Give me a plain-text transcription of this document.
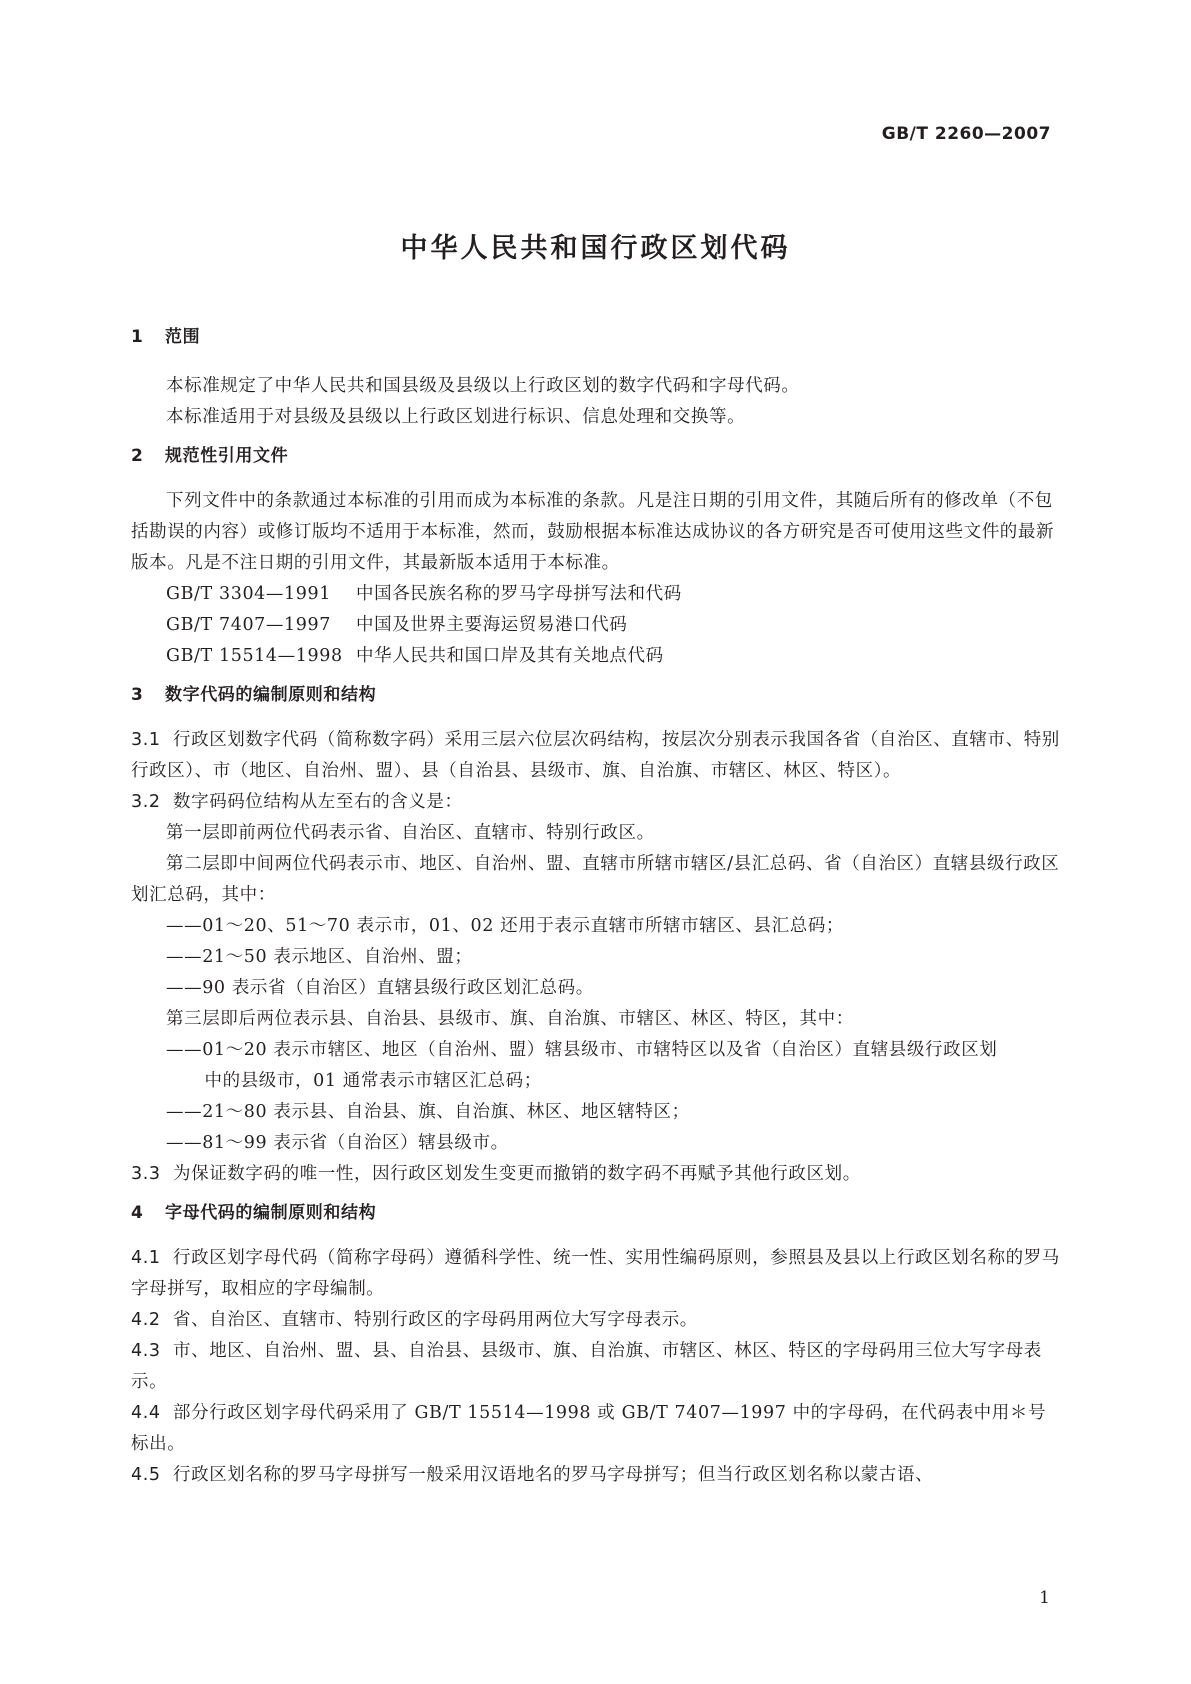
GB/T 2260—2007
中华人民共和国行政区划代码
1 范围

本标准规定了中华人民共和国县级及县级以上行政区划的数字代码和字母代码。

本标准适用于对县级及县级以上行政区划进行标识、信息处理和交换等。

2 规范性引用文件

下列文件中的条款通过本标准的引用而成为本标准的条款。凡是注日期的引用文件，其随后所有的修改单（不包括勘误的内容）或修订版均不适用于本标准，然而，鼓励根据本标准达成协议的各方研究是否可使用这些文件的最新版本。凡是不注日期的引用文件，其最新版本适用于本标准。

GB/T 3304—1991 中国各民族名称的罗马字母拼写法和代码

GB/T 7407—1997 中国及世界主要海运贸易港口代码

GB/T 15514—1998 中华人民共和国口岸及其有关地点代码

3 数字代码的编制原则和结构

3.1 行政区划数字代码（简称数字码）采用三层六位层次码结构，按层次分别表示我国各省（自治区、直辖市、特别行政区）、市（地区、自治州、盟）、县（自治县、县级市、旗、自治旗、市辖区、林区、特区）。

3.2 数字码码位结构从左至右的含义是：

第一层即前两位代码表示省、自治区、直辖市、特别行政区。

第二层即中间两位代码表示市、地区、自治州、盟、直辖市所辖市辖区/县汇总码、省（自治区）直辖县级行政区划汇总码，其中：

——01～20、51～70 表示市，01、02 还用于表示直辖市所辖市辖区、县汇总码；

——21～50 表示地区、自治州、盟；

——90 表示省（自治区）直辖县级行政区划汇总码。

第三层即后两位表示县、自治县、县级市、旗、自治旗、市辖区、林区、特区，其中：

——01～20 表示市辖区、地区（自治州、盟）辖县级市、市辖特区以及省（自治区）直辖县级行政区划

中的县级市，01 通常表示市辖区汇总码；

——21～80 表示县、自治县、旗、自治旗、林区、地区辖特区；

——81～99 表示省（自治区）辖县级市。

3.3 为保证数字码的唯一性，因行政区划发生变更而撤销的数字码不再赋予其他行政区划。

4 字母代码的编制原则和结构

4.1 行政区划字母代码（简称字母码）遵循科学性、统一性、实用性编码原则，参照县及县以上行政区划名称的罗马字母拼写，取相应的字母编制。

4.2 省、自治区、直辖市、特别行政区的字母码用两位大写字母表示。

4.3 市、地区、自治州、盟、县、自治县、县级市、旗、自治旗、市辖区、林区、特区的字母码用三位大写字母表示。

4.4 部分行政区划字母代码采用了 GB/T 15514—1998 或 GB/T 7407—1997 中的字母码，在代码表中用＊号标出。

4.5 行政区划名称的罗马字母拼写一般采用汉语地名的罗马字母拼写；但当行政区划名称以蒙古语、

1
